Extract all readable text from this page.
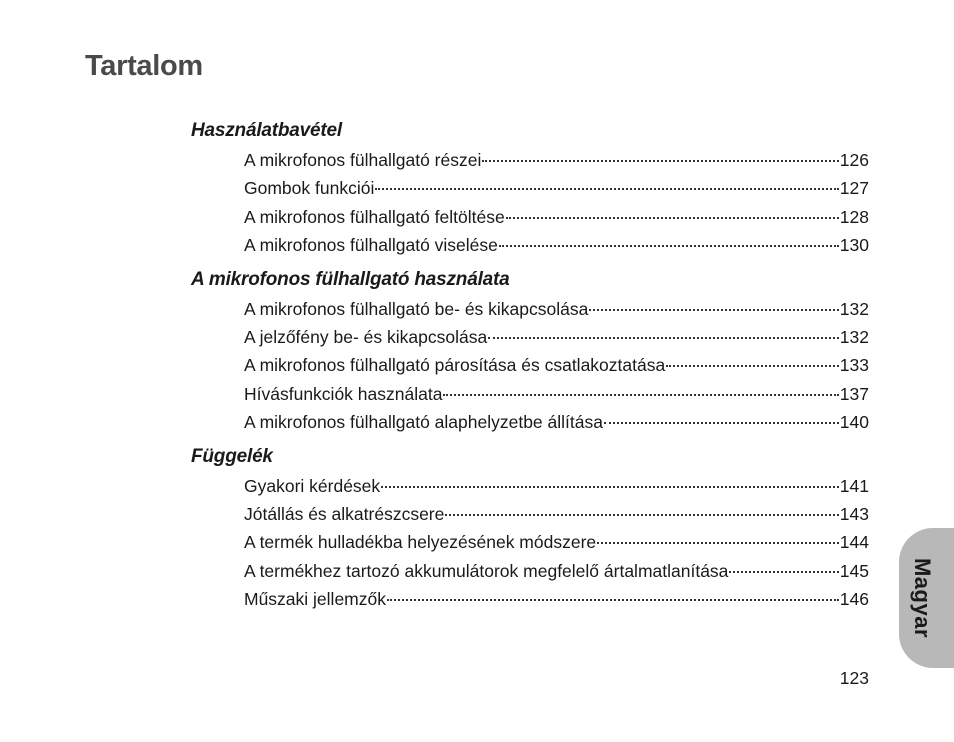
Tartalom
Használatbavétel
A mikrofonos fülhallgató részei	126
Gombok funkciói	127
A mikrofonos fülhallgató feltöltése	128
A mikrofonos fülhallgató viselése	130
A mikrofonos fülhallgató használata
A mikrofonos fülhallgató be- és kikapcsolása	132
A jelzőfény be- és kikapcsolása	132
A mikrofonos fülhallgató párosítása és csatlakoztatása	133
Hívásfunkciók használata	137
A mikrofonos fülhallgató alaphelyzetbe állítása	140
Függelék
Gyakori kérdések	141
Jótállás és alkatrészcsere	143
A termék hulladékba helyezésének módszere	144
A termékhez tartozó akkumulátorok megfelelő ártalmatlanítása	145
Műszaki jellemzők	146 Magyar
123
